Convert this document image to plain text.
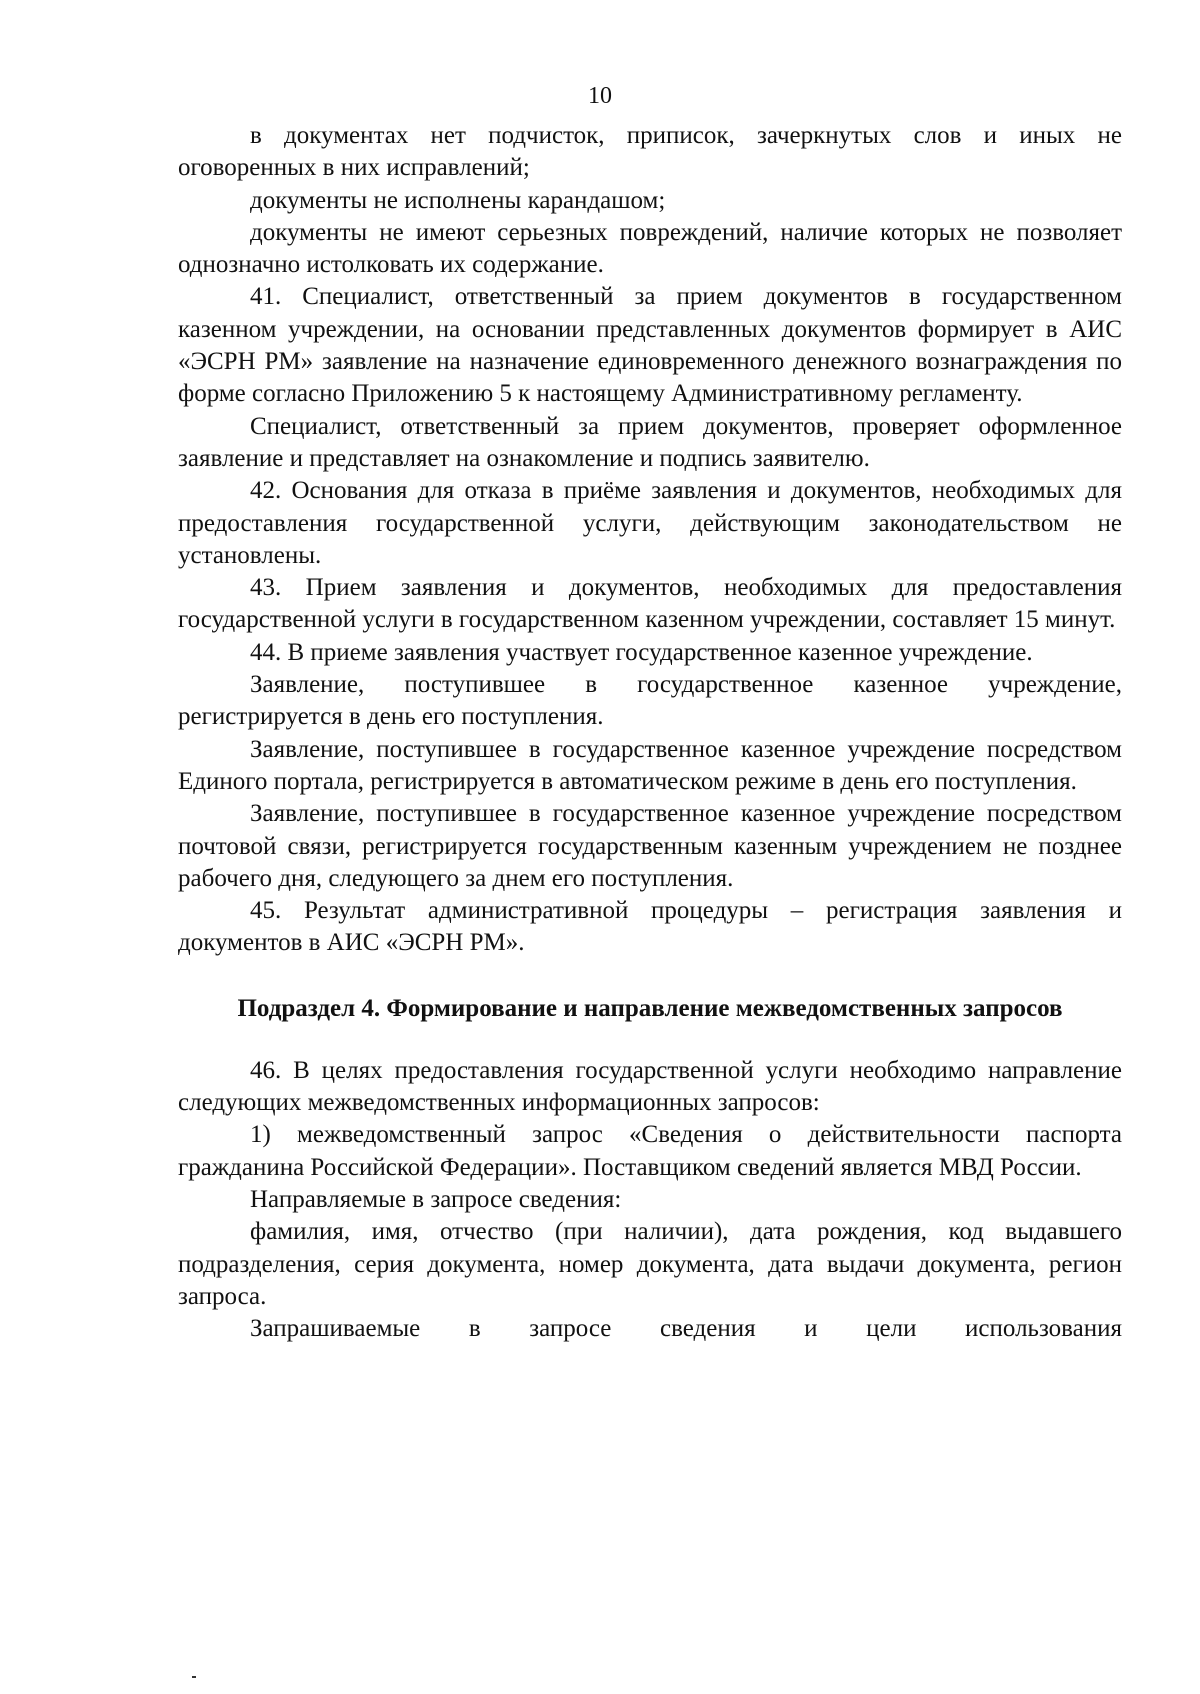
10

в документах нет подчисток, приписок, зачеркнутых слов и иных не оговоренных в них исправлений;

документы не исполнены карандашом;

документы не имеют серьезных повреждений, наличие которых не позволяет однозначно истолковать их содержание.

41. Специалист, ответственный за прием документов в государственном казенном учреждении, на основании представленных документов формирует в АИС «ЭСРН РМ» заявление на назначение единовременного денежного вознаграждения по форме согласно Приложению 5 к настоящему Административному регламенту.

Специалист, ответственный за прием документов, проверяет оформленное заявление и представляет на ознакомление и подпись заявителю.

42. Основания для отказа в приёме заявления и документов, необходимых для предоставления государственной услуги, действующим законодательством не установлены.

43. Прием заявления и документов, необходимых для предоставления государственной услуги в государственном казенном учреждении, составляет 15 минут.

44. В приеме заявления участвует государственное казенное учреждение.

Заявление, поступившее в государственное казенное учреждение, регистрируется в день его поступления.

Заявление, поступившее в государственное казенное учреждение посредством Единого портала, регистрируется в автоматическом режиме в день его поступления.

Заявление, поступившее в государственное казенное учреждение посредством почтовой связи, регистрируется государственным казенным учреждением не позднее рабочего дня, следующего за днем его поступления.

45. Результат административной процедуры – регистрация заявления и документов в АИС «ЭСРН РМ».

Подраздел 4. Формирование и направление межведомственных запросов

46. В целях предоставления государственной услуги необходимо направление следующих межведомственных информационных запросов:

1) межведомственный запрос «Сведения о действительности паспорта гражданина Российской Федерации». Поставщиком сведений является МВД России.

Направляемые в запросе сведения:

фамилия, имя, отчество (при наличии), дата рождения, код выдавшего подразделения, серия документа, номер документа, дата выдачи документа, регион запроса.

Запрашиваемые в запросе сведения и цели использования
